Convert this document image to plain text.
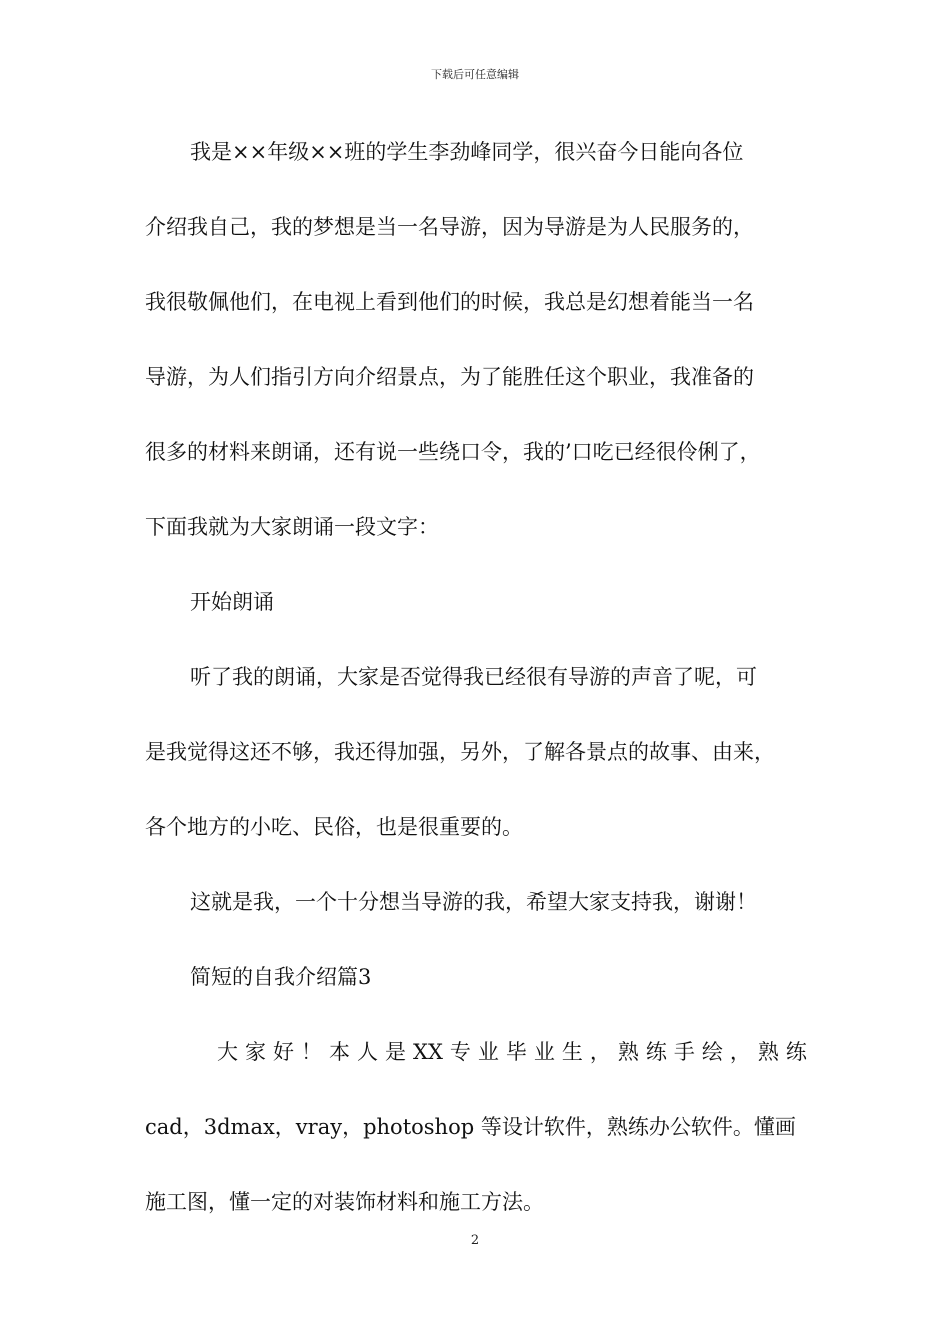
下载后可任意编辑
我是××年级××班的学生李劲峰同学，很兴奋今日能向各位
介绍我自己，我的梦想是当一名导游，因为导游是为人民服务的，
我很敬佩他们，在电视上看到他们的时候，我总是幻想着能当一名
导游，为人们指引方向介绍景点，为了能胜任这个职业，我准备的
很多的材料来朗诵，还有说一些绕口令，我的’口吃已经很伶俐了，
下面我就为大家朗诵一段文字：
开始朗诵
听了我的朗诵，大家是否觉得我已经很有导游的声音了呢，可
是我觉得这还不够，我还得加强，另外，了解各景点的故事、由来，
各个地方的小吃、民俗，也是很重要的。
这就是我，一个十分想当导游的我，希望大家支持我，谢谢！
简短的自我介绍篇3
大 家 好 ！ 本 人 是 XX 专 业 毕 业 生 ， 熟 练 手 绘 ， 熟 练
cad，3dmax，vray，photoshop 等设计软件，熟练办公软件。懂画
施工图，懂一定的对装饰材料和施工方法。
2
